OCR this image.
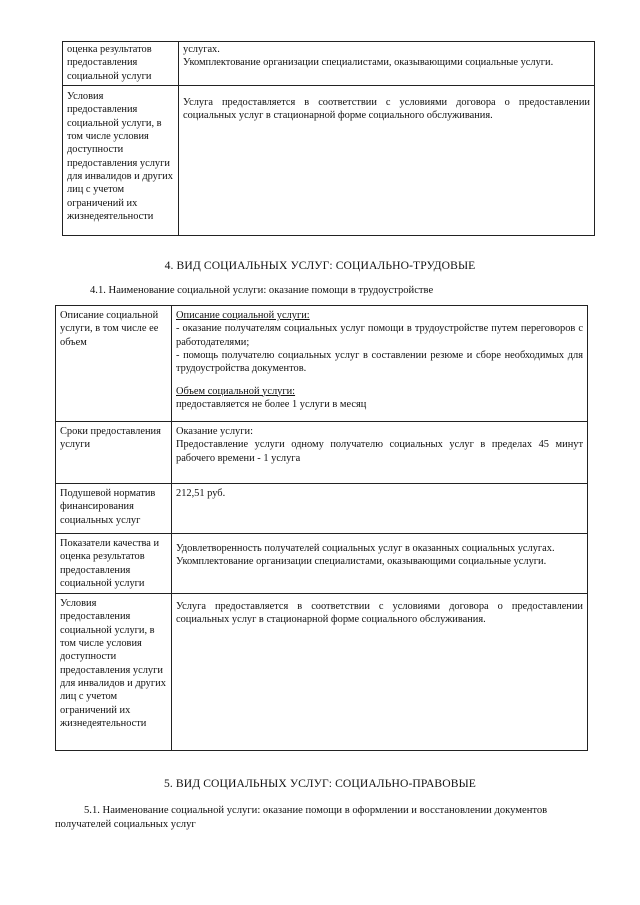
оценка результатов предоставления социальной услуги	услугах.
Укомплектование организации специалистами, оказывающими социальные услуги.

Условия предоставления социальной услуги, в том числе условия доступности предоставления услуги для инвалидов и других лиц с учетом ограничений их жизнедеятельности	Услуга предоставляется в соответствии с условиями договора о предоставлении социальных услуг в стационарной форме социального обслуживания.
4. ВИД СОЦИАЛЬНЫХ УСЛУГ: СОЦИАЛЬНО-ТРУДОВЫЕ
4.1. Наименование социальной услуги: оказание помощи в трудоустройстве
Описание социальной услуги, в том числе ее объем	Описание социальной услуги:
- оказание получателям социальных услуг помощи в трудоустройстве путем переговоров с работодателями;
- помощь получателю социальных услуг в составлении резюме и сборе необходимых для трудоустройства документов.
Объем социальной услуги:
предоставляется не более 1 услуги в месяц

Сроки предоставления услуги	Оказание услуги:
Предоставление услуги одному получателю социальных услуг в пределах 45 минут рабочего времени - 1 услуга

Подушевой норматив финансирования социальных услуг	212,51 руб.
Показатели качества и оценка результатов предоставления социальной услуги	Удовлетворенность получателей социальных услуг в оказанных социальных услугах.
Укомплектование организации специалистами, оказывающими социальные услуги.

Условия предоставления социальной услуги, в том числе условия доступности предоставления услуги для инвалидов и других лиц с учетом ограничений их жизнедеятельности	Услуга предоставляется в соответствии с условиями договора о предоставлении социальных услуг в стационарной форме социального обслуживания.
5. ВИД СОЦИАЛЬНЫХ УСЛУГ: СОЦИАЛЬНО-ПРАВОВЫЕ
5.1. Наименование социальной услуги: оказание помощи в оформлении и восстановлении документов
получателей социальных услуг
